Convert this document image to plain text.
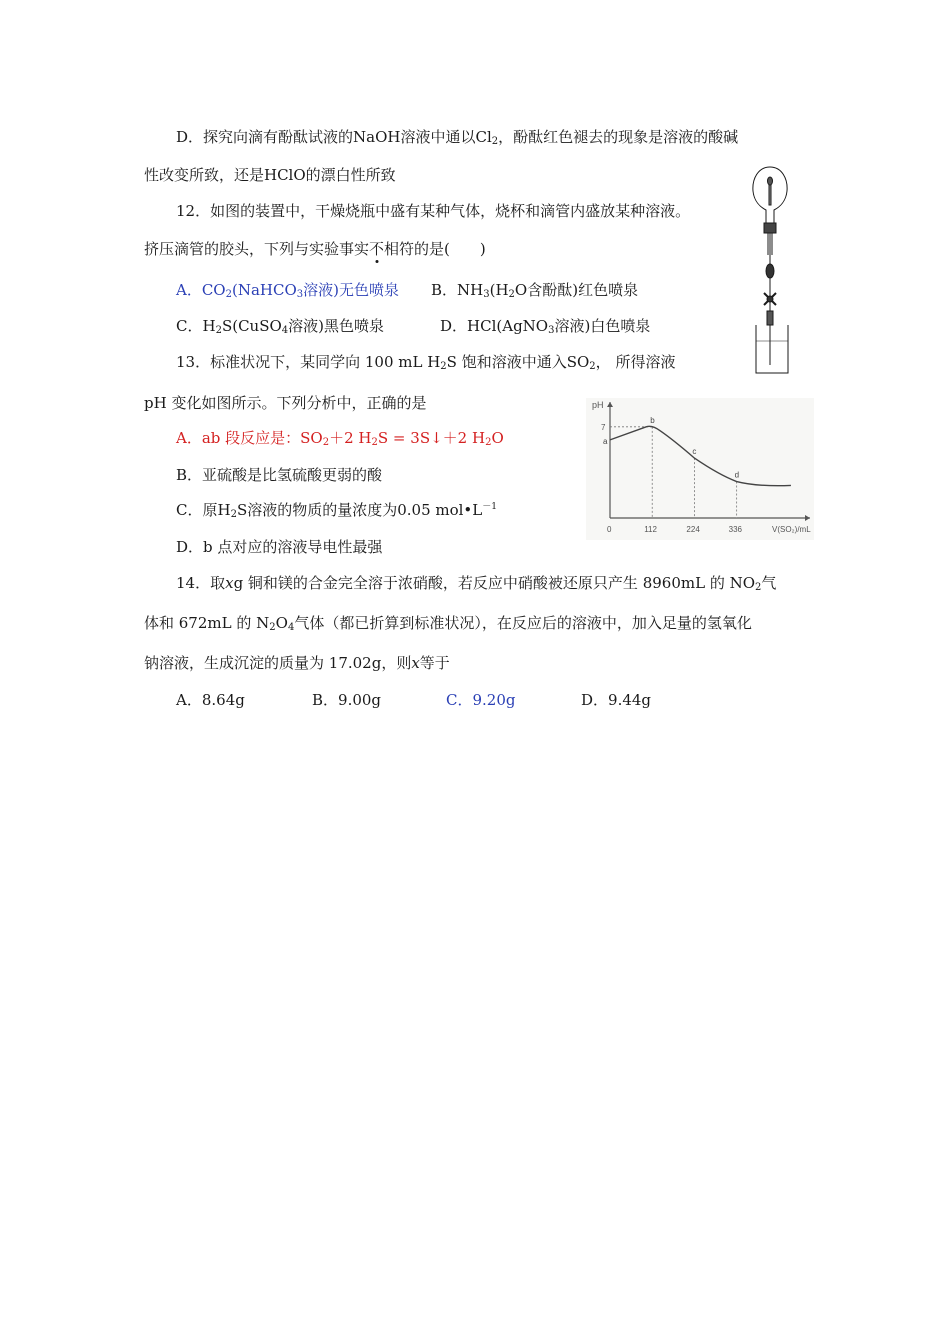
D．探究向滴有酚酞试液的NaOH溶液中通以$Cl_2$，酚酞红色褪去的现象是溶液的酸碱
性改变所致，还是HClO的漂白性所致
12．如图的装置中，干燥烧瓶中盛有某种气体，烧杯和滴管内盛放某种溶液。
挤压滴管的胶头，下列与实验事实不相符的是(　　)
A．$CO_2(NaHCO_3$溶液)无色喷泉 B．$NH_3(H_2O$含酚酞)红色喷泉
C．$H_2S(CuSO_4$溶液)黑色喷泉	D．HCl(AgNO$_3$溶液)白色喷泉
13．标准状况下，某同学向 100 mL $H_2S$ 饱和溶液中通入$SO_2$， 所得溶液
pH 变化如图所示。下列分析中，正确的是
A．ab 段反应是：$SO_2+2$ $H_2S$ = 3S↓＋2 $H_2O$
B．亚硫酸是比氢硫酸更弱的酸
C．原$H_2S$溶液的物质的量浓度为0.05 $mol•L^{-1}$
D．b 点对应的溶液导电性最强
pH
V(SO₂)/mL
0	112	224	336
7
a
b
c
d
14．取xg 铜和镁的合金完全溶于浓硝酸，若反应中硝酸被还原只产生 8960mL 的 $NO_2$气
体和 672mL 的 $N_2O_4$气体（都已折算到标准状况），在反应后的溶液中，加入足量的氢氧化
钠溶液，生成沉淀的质量为 17.02g，则x等于
A．8.64g	B．9.00g	C．9.20g	D．9.44g
